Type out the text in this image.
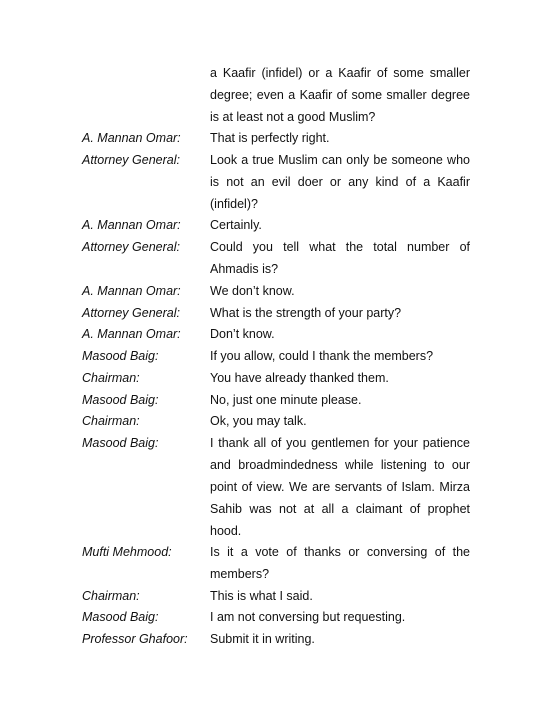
a Kaafir (infidel) or a Kaafir of some smaller degree; even a Kaafir of some smaller degree is at least not a good Muslim?
A. Mannan Omar: That is perfectly right.
Attorney General: Look a true Muslim can only be someone who is not an evil doer or any kind of a Kaafir (infidel)?
A. Mannan Omar: Certainly.
Attorney General: Could you tell what the total number of Ahmadis is?
A. Mannan Omar: We don’t know.
Attorney General: What is the strength of your party?
A. Mannan Omar: Don’t know.
Masood Baig:	If you allow, could I thank the members?
Chairman:	You have already thanked them.
Masood Baig:	No, just one minute please.
Chairman:	Ok, you may talk.
Masood Baig:	I thank all of you gentlemen for your patience and broadmindedness while listening to our point of view. We are servants of Islam. Mirza Sahib was not at all a claimant of prophet hood.
Mufti Mehmood:	Is it a vote of thanks or conversing of the members?
Chairman:	This is what I said.
Masood Baig:	I am not conversing but requesting.
Professor Ghafoor: Submit it in writing.
